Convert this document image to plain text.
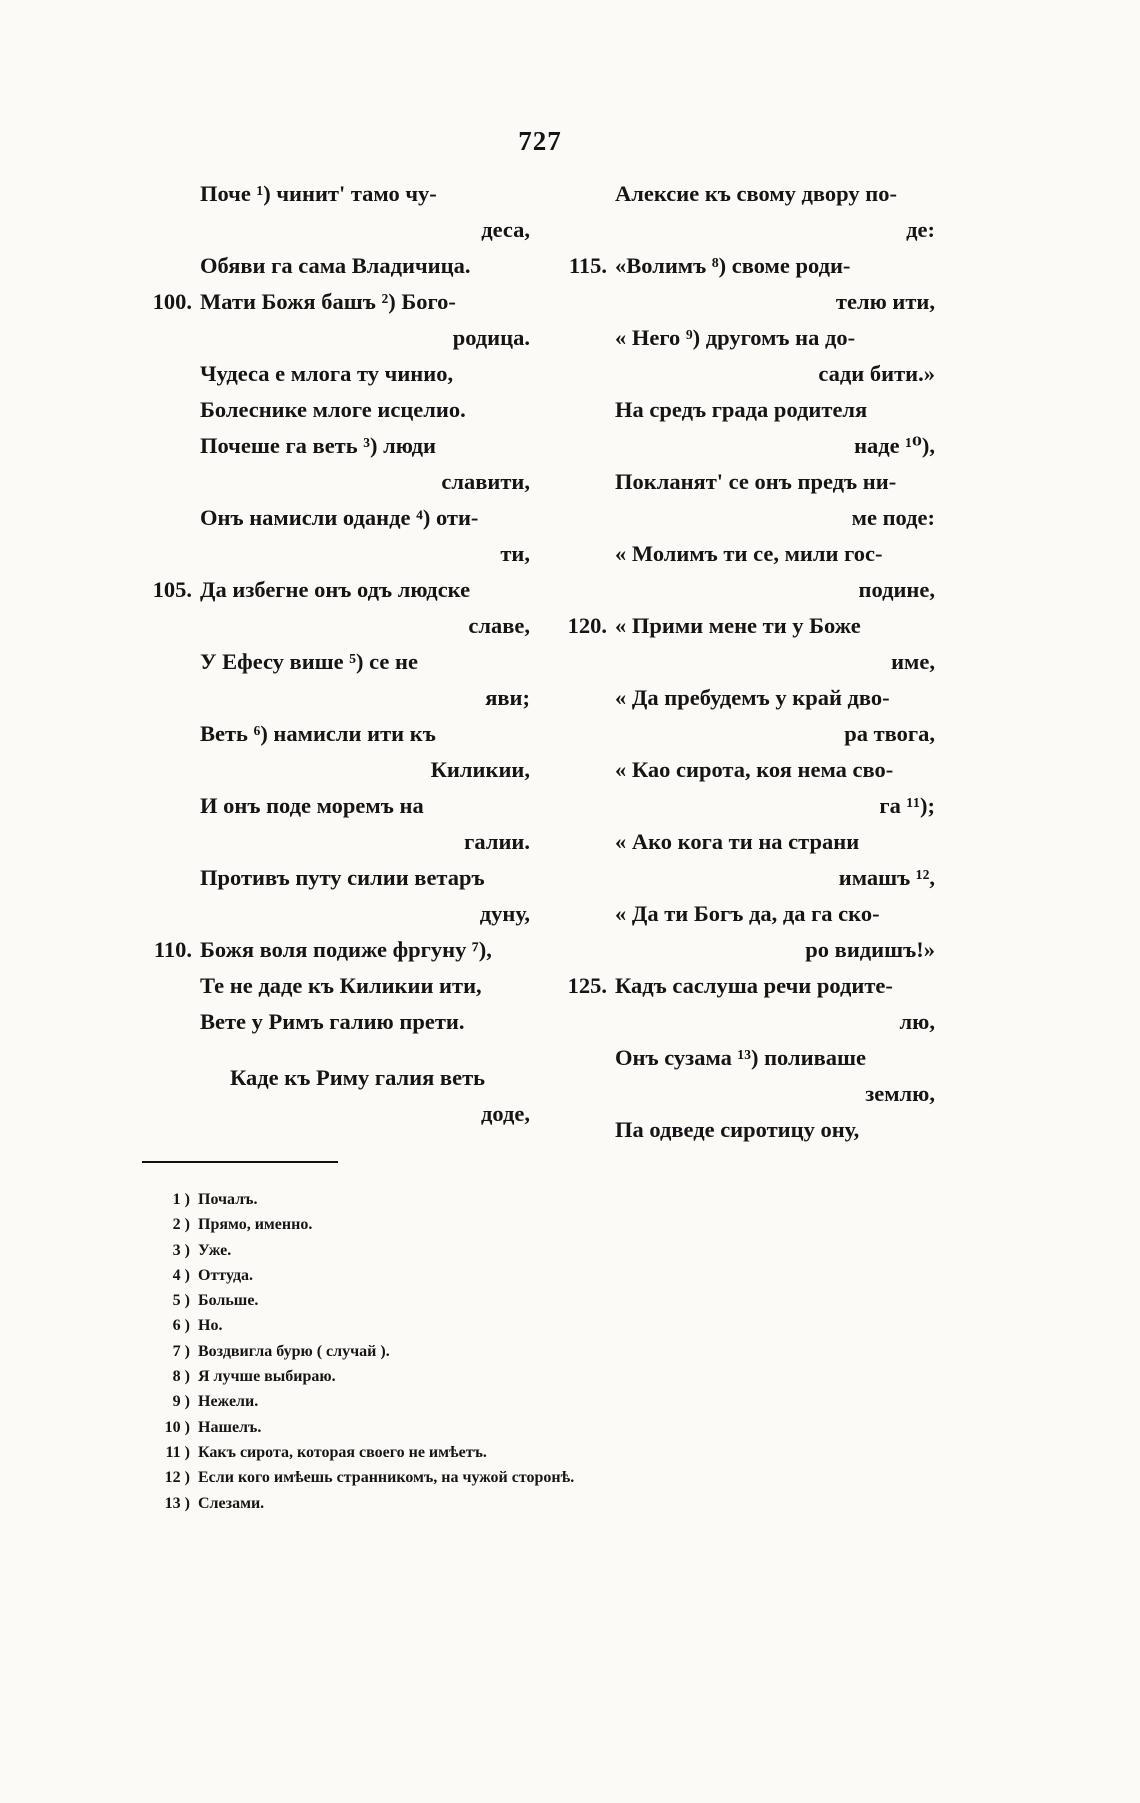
727
Поче ¹) чинит' тамо чу-
деса,
Обяви га сама Владичица.
100. Мати Божя башъ ²) Бого-
родица.
Чудеса е млога ту чинио,
Болеснике млоге исцелио.
Почеше га веть ³) люди
славити,
Онъ намисли оданде ⁴) оти-
ти,
105. Да избегне онъ одъ людске
славе,
У Ефесу више ⁵) се не
яви;
Веть ⁶) намисли ити къ
Киликии,
И онъ поде моремъ на
галии.
Противъ путу силии ветаръ
дуну,
110. Божя воля подиже фргуну ⁷),
Те не даде къ Киликии ити,
Вете у Римъ галию прети.
Каде къ Риму галия веть
доде,
Алексие къ свому двору по-
де:
115. «Волимъ ⁸) своме роди-
телю ити,
« Него ⁹) другомъ на до-
сади бити.»
На средъ града родителя
наде ¹⁰),
Покланят' се онъ предъ ни-
ме поде:
« Молимъ ти се, мили гос-
подине,
120. « Прими мене ти у Боже
име,
« Да пребудемъ у край дво-
ра твога,
« Као сирота, коя нема сво-
га ¹¹);
« Ако кога ти на страни
имашъ ¹²,
« Да ти Богъ да, да га ско-
ро видишъ!»
125. Кадъ саслуша речи родите-
лю,
Онъ сузама ¹³) поливаше
землю,
Па одведе сиротицу ону,
1 ) Почалъ.
2 ) Прямо, именно.
3 ) Уже.
4 ) Оттуда.
5 ) Больше.
6 ) Но.
7 ) Воздвигла бурю ( случай ).
8 ) Я лучше выбираю.
9 ) Нежели.
10 ) Нашелъ.
11 ) Какъ сирота, которая своего не имѣетъ.
12 ) Если кого имѣешь странникомъ, на чужой сторонѣ.
13 ) Слезами.
